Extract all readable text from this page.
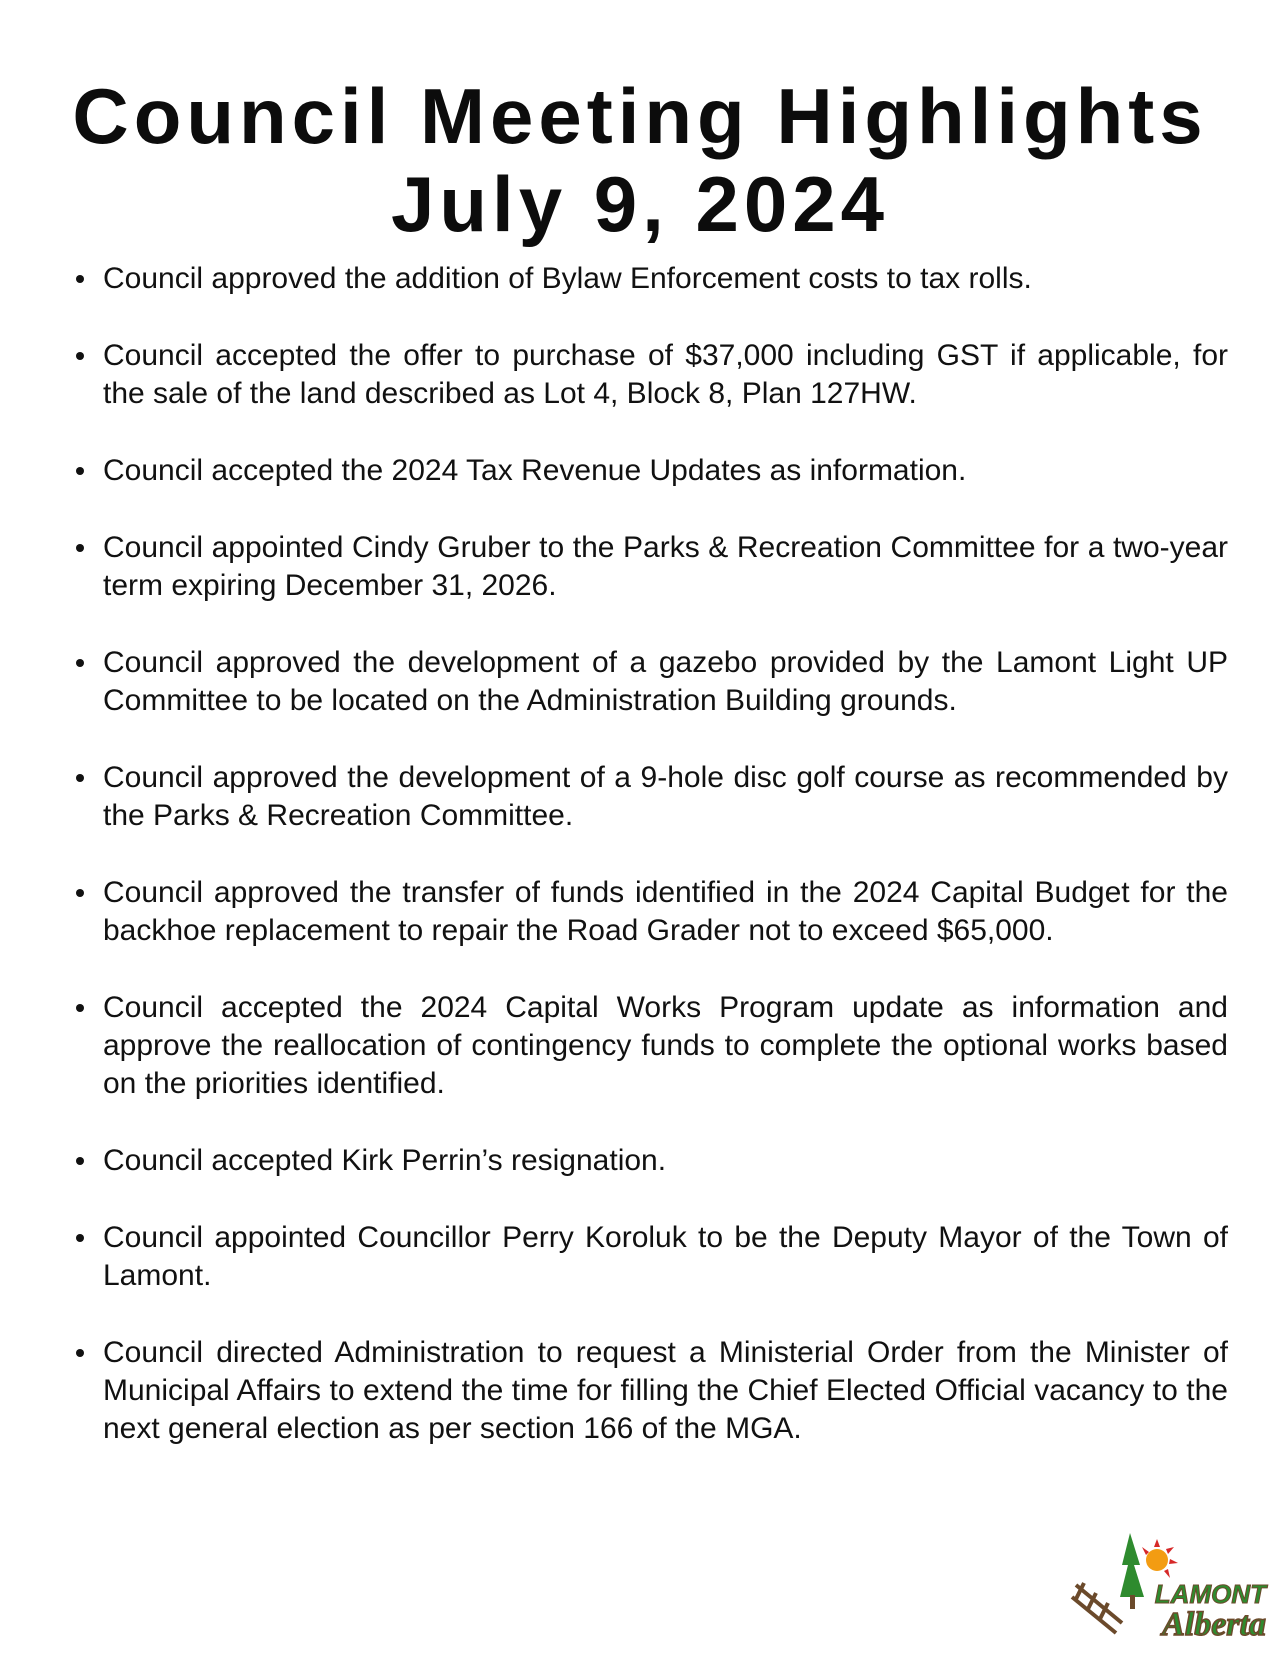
Council Meeting Highlights
July 9, 2024
Council approved the addition of Bylaw Enforcement costs to tax rolls.
Council accepted the offer to purchase of $37,000 including GST if applicable, for the sale of the land described as Lot 4, Block 8, Plan 127HW.
Council accepted the 2024 Tax Revenue Updates as information.
Council appointed Cindy Gruber to the Parks & Recreation Committee for a two-year term expiring December 31, 2026.
Council approved the development of a gazebo provided by the Lamont Light UP Committee to be located on the Administration Building grounds.
Council approved the development of a 9-hole disc golf course as recommended by the Parks & Recreation Committee.
Council approved the transfer of funds identified in the 2024 Capital Budget for the backhoe replacement to repair the Road Grader not to exceed $65,000.
Council accepted the 2024 Capital Works Program update as information and approve the reallocation of contingency funds to complete the optional works based on the priorities identified.
Council accepted Kirk Perrin’s resignation.
Council appointed Councillor Perry Koroluk to be the Deputy Mayor of the Town of Lamont.
Council directed Administration to request a Ministerial Order from the Minister of Municipal Affairs to extend the time for filling the Chief Elected Official vacancy to the next general election as per section 166 of the MGA.
LAMONT
Alberta
